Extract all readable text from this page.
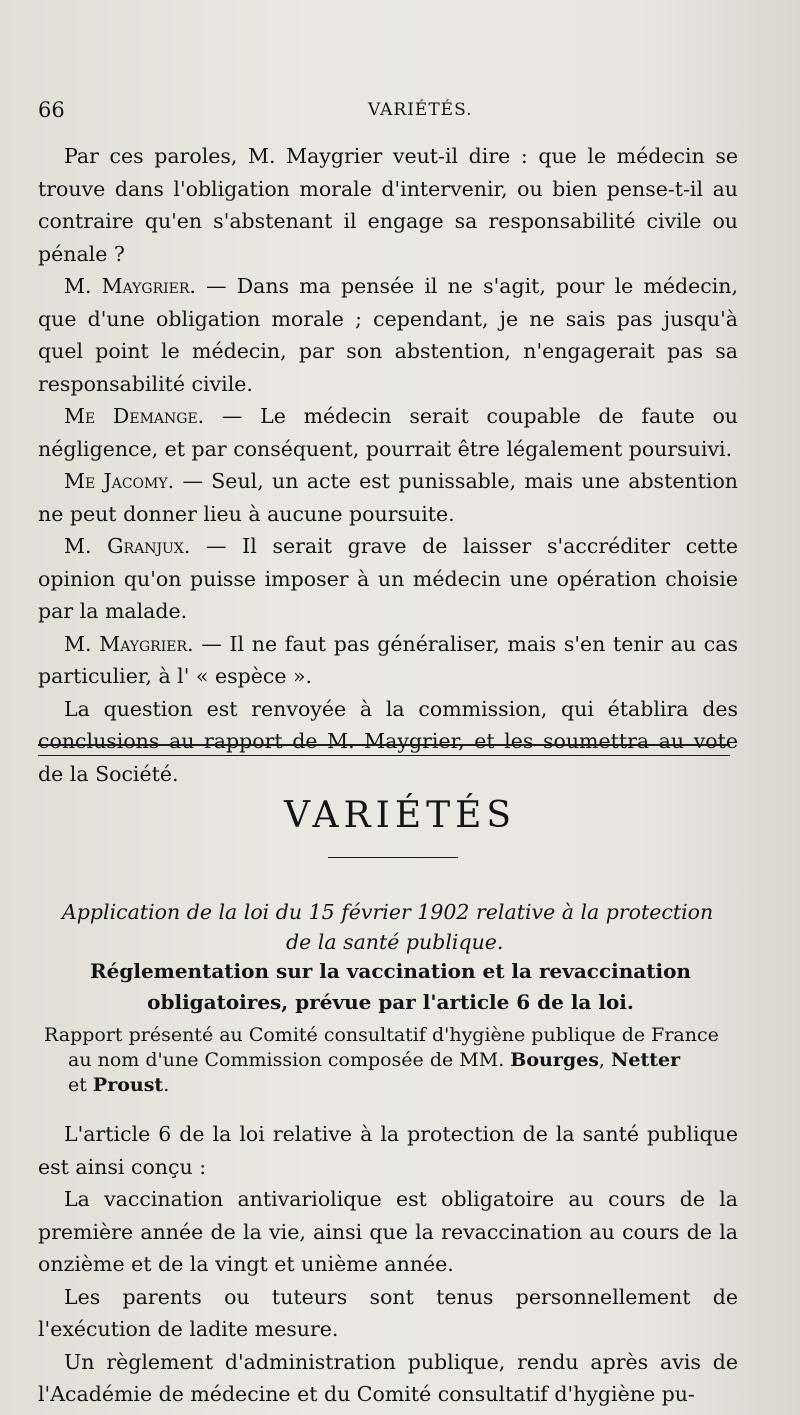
66	VARIÉTÉS.

Par ces paroles, M. Maygrier veut-il dire : que le médecin se trouve dans l'obligation morale d'intervenir, ou bien pense-t-il au contraire qu'en s'abstenant il engage sa responsabilité civile ou pénale ?

M. Maygrier. — Dans ma pensée il ne s'agit, pour le médecin, que d'une obligation morale ; cependant, je ne sais pas jusqu'à quel point le médecin, par son abstention, n'engagerait pas sa responsabilité civile.

Me Demange. — Le médecin serait coupable de faute ou négligence, et par conséquent, pourrait être légalement poursuivi.

Me Jacomy. — Seul, un acte est punissable, mais une abstention ne peut donner lieu à aucune poursuite.

M. Granjux. — Il serait grave de laisser s'accréditer cette opinion qu'on puisse imposer à un médecin une opération choisie par la malade.

M. Maygrier. — Il ne faut pas généraliser, mais s'en tenir au cas particulier, à l' « espèce ».

La question est renvoyée à la commission, qui établira des conclusions au rapport de M. Maygrier, et les soumettra au vote de la Société.

VARIÉTÉS
Application de la loi du 15 février 1902 relative à la protection
de la santé publique.
Réglementation sur la vaccination et la revaccination
obligatoires, prévue par l'article 6 de la loi.
Rapport présenté au Comité consultatif d'hygiène publique de France
au nom d'une Commission composée de MM. Bourges, Netter
et Proust.

L'article 6 de la loi relative à la protection de la santé publique est ainsi conçu :

La vaccination antivariolique est obligatoire au cours de la première année de la vie, ainsi que la revaccination au cours de la onzième et de la vingt et unième année.

Les parents ou tuteurs sont tenus personnellement de l'exécution de ladite mesure.

Un règlement d'administration publique, rendu après avis de l'Académie de médecine et du Comité consultatif d'hygiène pu-
